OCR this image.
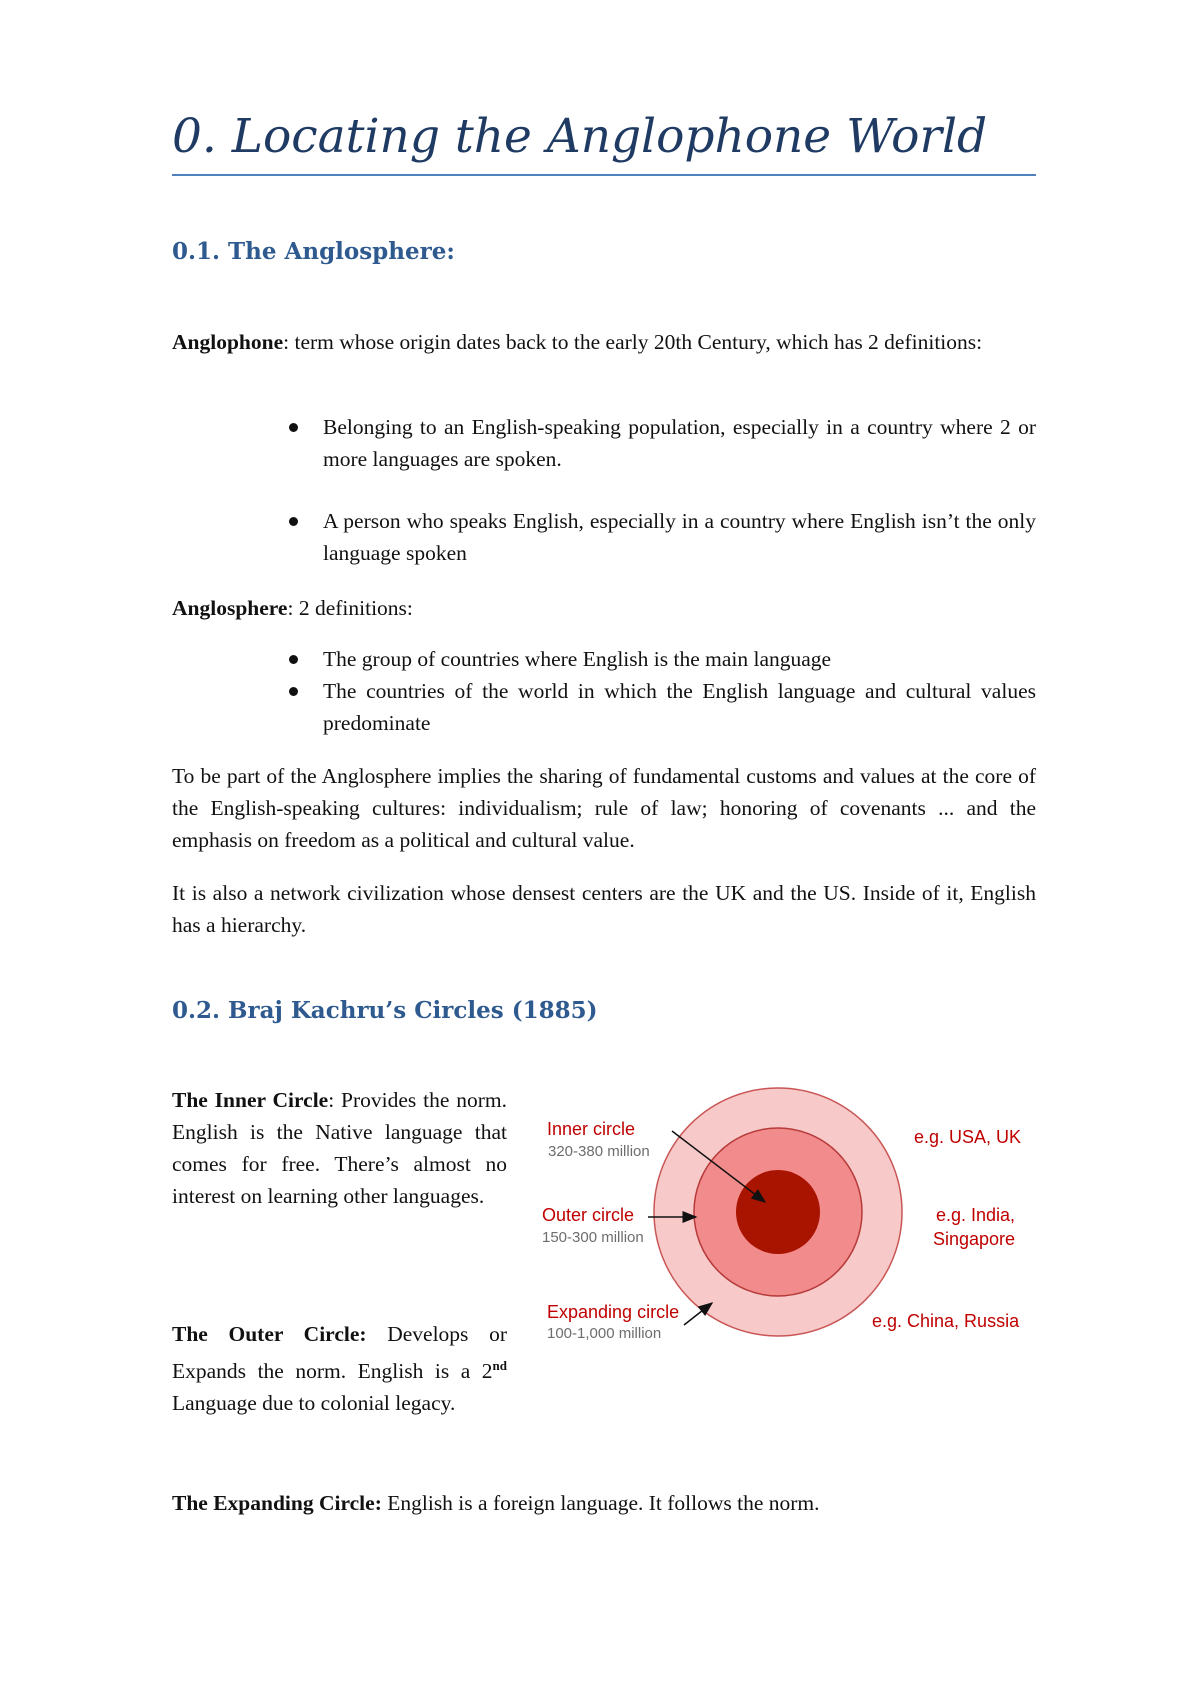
0. Locating the Anglophone World
0.1. The Anglosphere:

Anglophone: term whose origin dates back to the early 20th Century, which has 2 definitions:

Belonging to an English-speaking population, especially in a country where 2 or more languages are spoken.
A person who speaks English, especially in a country where English isn’t the only language spoken

Anglosphere: 2 definitions:

The group of countries where English is the main language
The countries of the world in which the English language and cultural values predominate

To be part of the Anglosphere implies the sharing of fundamental customs and values at the core of the English-speaking cultures: individualism; rule of law; honoring of covenants ... and the emphasis on freedom as a political and cultural value.

It is also a network civilization whose densest centers are the UK and the US. Inside of it, English has a hierarchy.

0.2. Braj Kachru’s Circles (1885)

The Inner Circle: Provides the norm. English is the Native language that comes for free. There’s almost no interest on learning other languages.

The Outer Circle: Develops or Expands the norm. English is a 2nd Language due to colonial legacy.

The Expanding Circle: English is a foreign language. It follows the norm.

Inner circle
320-380 million
Outer circle
150-300 million
Expanding circle
100-1,000 million
e.g. USA, UK
e.g. India,
Singapore
e.g. China, Russia
